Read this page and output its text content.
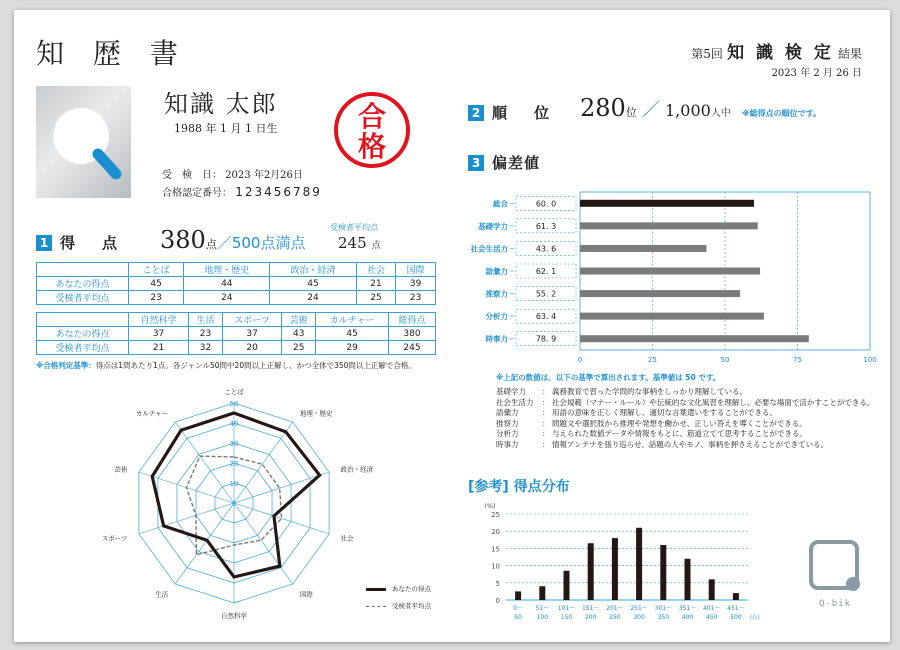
知 歴 書	第5回 知 識 検 定 結果
2023 年 2 月 26 日
知識 太郎
1988 年 1 月 1 日生
受　検　日： 2023 年2月26日
合格認定番号： 123456789
合
格
1 得　点 380点／500点満点
受検者平均点
245 点
	ことば	地理・歴史	政治・経済	社会	国際
あなたの得点	45	44	45	21	39
受検者平均点	23	24	24	25	23
	自然科学	生活	スポーツ	芸術	カルチャー	総得点
あなたの得点	37	23	37	43	45	380
受検者平均点	21	32	20	25	29	245
※合格判定基準：得点は1問あたり1点。各ジャンル50問中20問以上正解し、かつ全体で350問以上正解で合格。
0
10
20
30
40
50
ことば
地理・歴史
政治・経済
社会
国際
自然科学
生活
スポーツ
芸術
カルチャー
あなたの得点
受検者平均点
2 順　位 280位 ／ 1,000人中 ※総得点の順位です。
3 偏差値
0	25	50	75	100
総合	60. 0
基礎学力	61. 3
社会生活力	43. 6
語彙力	62. 1
推察力	55. 2
分析力	63. 4
時事力	78. 9
※上記の数値は、以下の基準で算出されます。基準値は 50 です。
基礎学力 ： 義務教育で習った学問的な事柄をしっかり理解している。
社会生活力 ： 社会規範（マナー・ルール）や伝統的な文化風習を理解し、必要な場面で活かすことができる。
語彙力	： 用語の意味を正しく理解し、適切な言葉遣いをすることができる。
推察力	： 問題文や選択肢から推理や発想を働かせ、正しい答えを導くことができる。
分析力	： 与えられた数値データや情報をもとに、筋道立てて思考することができる。
時事力	： 情報アンテナを張り巡らせ、話題の人やモノ、事柄を押さえることができている。
[参考] 得点分布
(%)
0
5
10
15
20
25
0～
50
51～
100
101～
150
151～
200
201～
250
251～
300
301～
350
351～
400
401～
450
451～
500 (点)
Q-bik
